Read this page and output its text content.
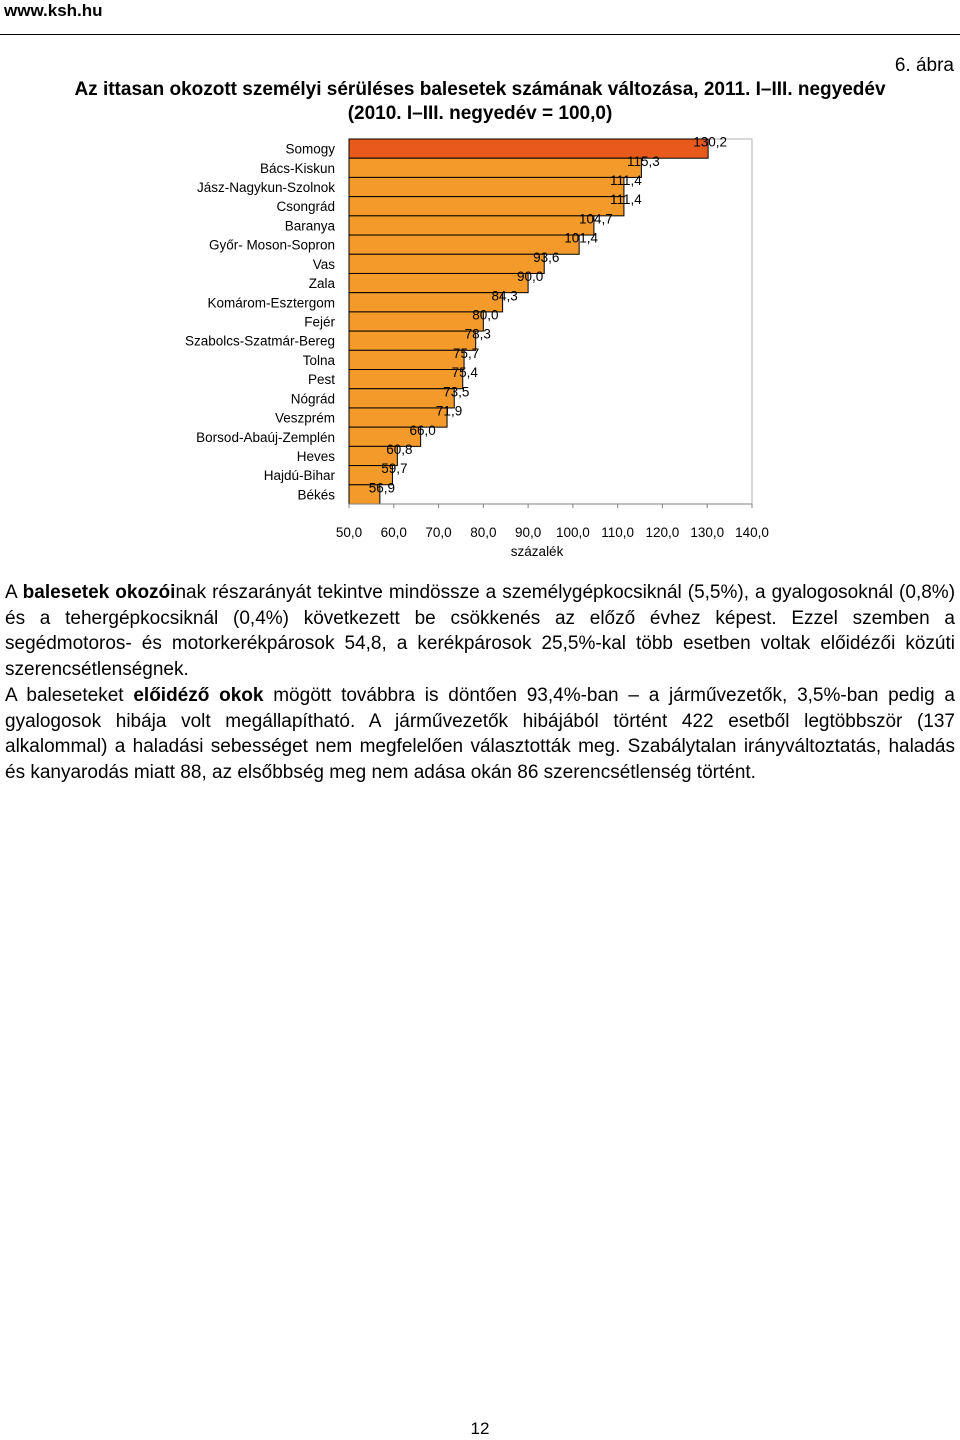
www.ksh.hu
6. ábra
Az ittasan okozott személyi sérüléses balesetek számának változása, 2011. I–III. negyedév
(2010. I–III. negyedév = 100,0)
Somogy	130,2
Bács-Kiskun	115,3
Jász-Nagykun-Szolnok	111,4
Csongrád	111,4
Baranya	104,7
Győr- Moson-Sopron	101,4
Vas	93,6
Zala	90,0
Komárom-Esztergom	84,3
Fejér	80,0
Szabolcs-Szatmár-Bereg	78,3
Tolna	75,7
Pest	75,4
Nógrád	73,5
Veszprém	71,9
Borsod-Abaúj-Zemplén	66,0
Heves	60,8
Hajdú-Bihar	59,7
Békés	56,9
50,0 60,0 70,0 80,0 90,0 100,0 110,0 120,0 130,0 140,0
százalék

A balesetek okozóinak részarányát tekintve mindössze a személygépkocsiknál (5,5%), a gyalogosoknál (0,8%) és a tehergépkocsiknál (0,4%) következett be csökkenés az előző évhez képest. Ezzel szemben a segédmotoros- és motorkerékpárosok 54,8, a kerékpárosok 25,5%-kal több esetben voltak előidézői közúti szerencsétlenségnek.

A baleseteket előidéző okok mögött továbbra is döntően 93,4%-ban – a járművezetők, 3,5%-ban pedig a gyalogosok hibája volt megállapítható. A járművezetők hibájából történt 422 esetből legtöbbször (137 alkalommal) a haladási sebességet nem megfelelően választották meg. Szabálytalan irányváltoztatás, haladás és kanyarodás miatt 88, az elsőbbség meg nem adása okán 86 szerencsétlenség történt.

12
